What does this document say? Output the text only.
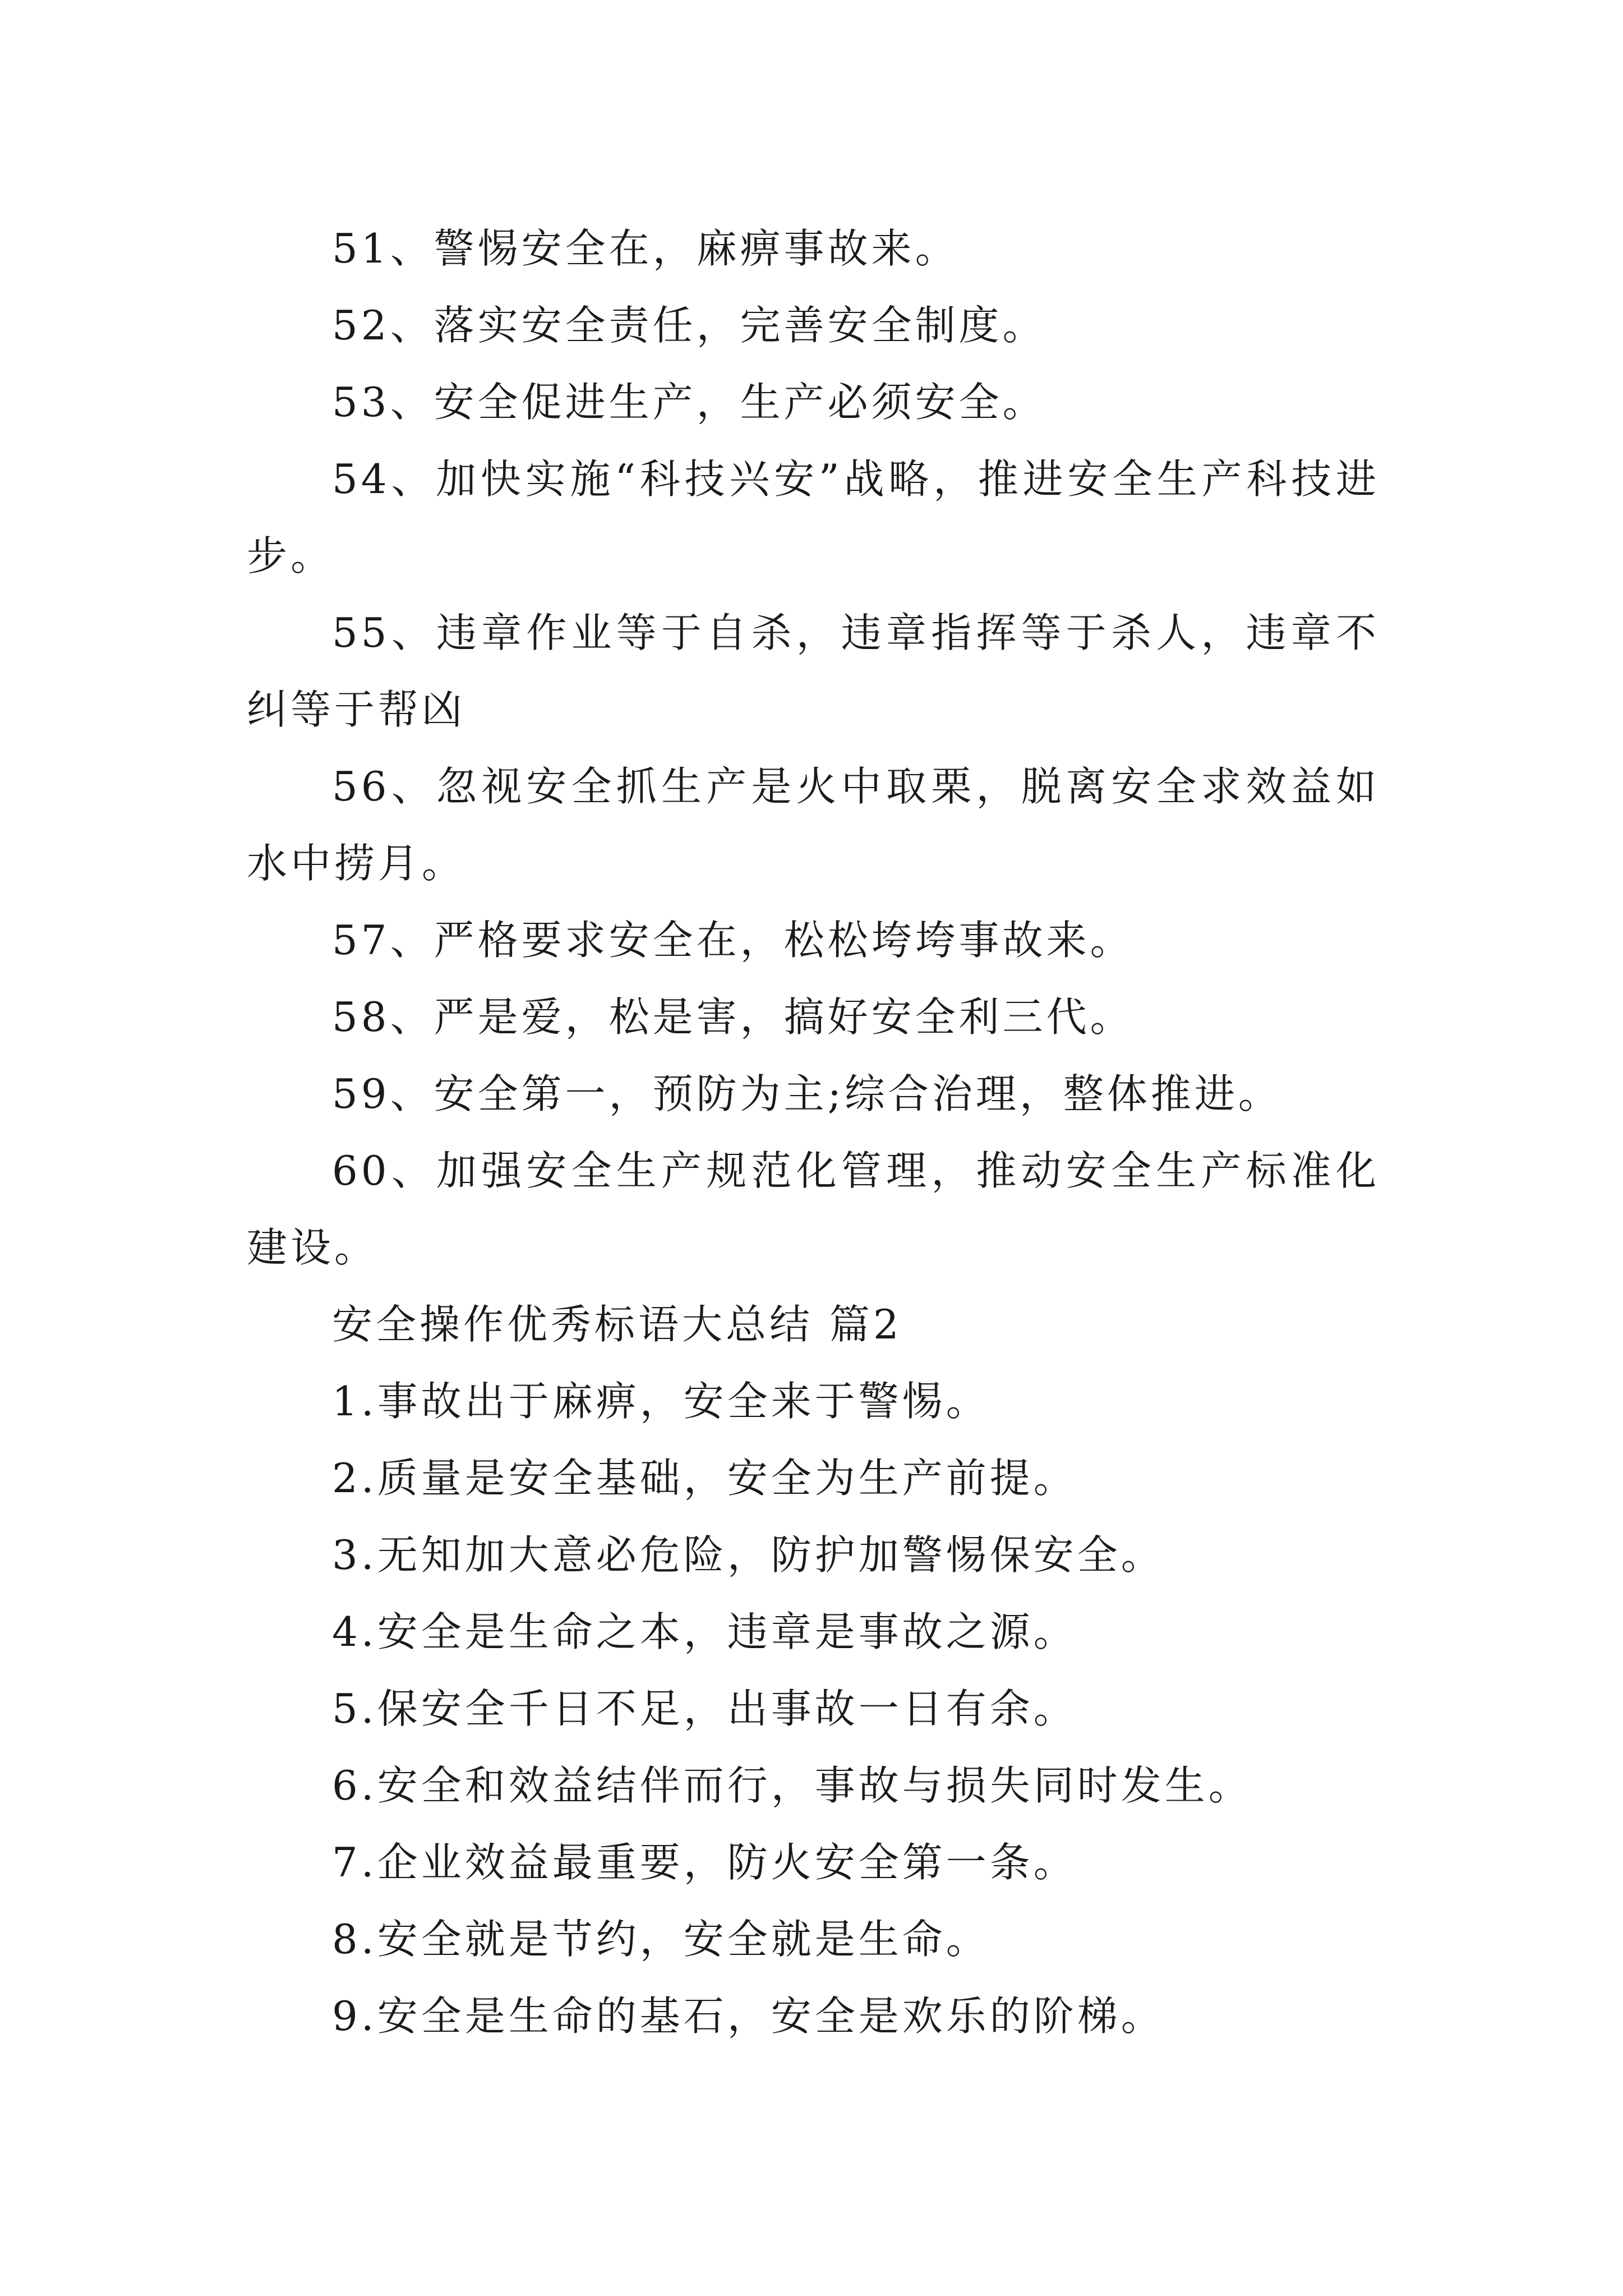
51、警惕安全在，麻痹事故来。

52、落实安全责任，完善安全制度。

53、安全促进生产，生产必须安全。

54、加快实施“科技兴安”战略，推进安全生产科技进步。

55、违章作业等于自杀，违章指挥等于杀人，违章不纠等于帮凶

56、忽视安全抓生产是火中取栗，脱离安全求效益如水中捞月。

57、严格要求安全在，松松垮垮事故来。

58、严是爱，松是害，搞好安全利三代。

59、安全第一，预防为主;综合治理，整体推进。

60、加强安全生产规范化管理，推动安全生产标准化建设。

安全操作优秀标语大总结 篇2

1.事故出于麻痹，安全来于警惕。

2.质量是安全基础，安全为生产前提。

3.无知加大意必危险，防护加警惕保安全。

4.安全是生命之本，违章是事故之源。

5.保安全千日不足，出事故一日有余。

6.安全和效益结伴而行，事故与损失同时发生。

7.企业效益最重要，防火安全第一条。

8.安全就是节约，安全就是生命。

9.安全是生命的基石，安全是欢乐的阶梯。
